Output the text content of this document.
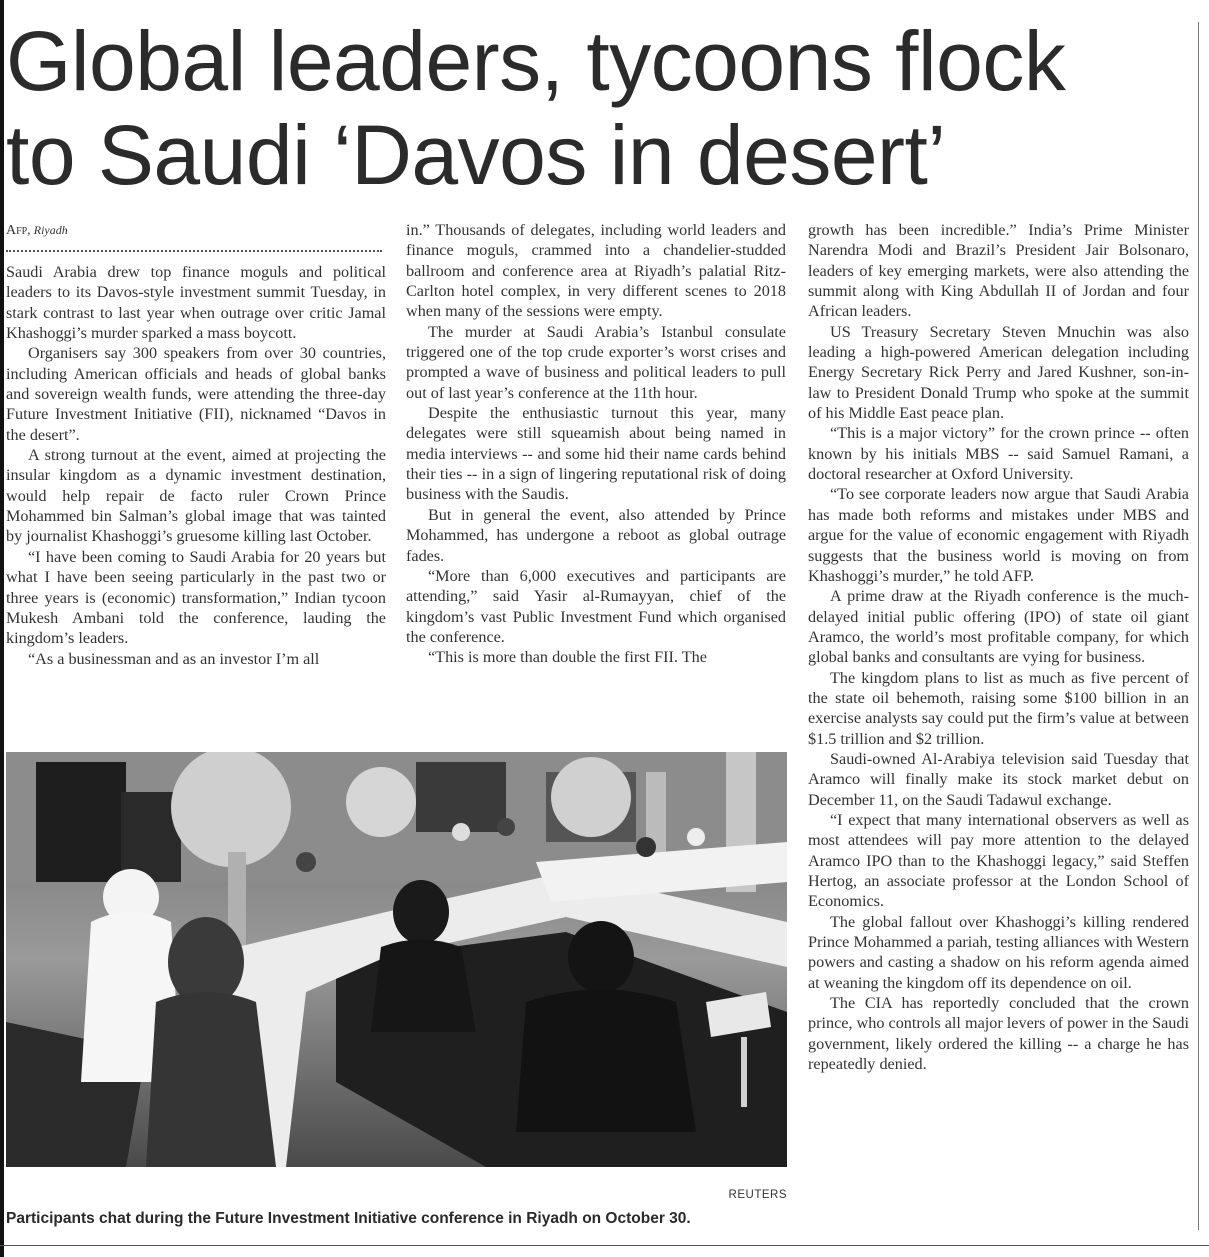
Global leaders, tycoons flock
to Saudi ‘Davos in desert’
Afp, Riyadh

Saudi Arabia drew top finance moguls and political leaders to its Davos-style investment summit Tuesday, in stark contrast to last year when outrage over critic Jamal Khashoggi’s murder sparked a mass boycott.

Organisers say 300 speakers from over 30 countries, including American officials and heads of global banks and sovereign wealth funds, were attending the three-day Future Investment Initiative (FII), nicknamed “Davos in the desert”.

A strong turnout at the event, aimed at projecting the insular kingdom as a dynamic investment destination, would help repair de facto ruler Crown Prince Mohammed bin Salman’s global image that was tainted by journalist Khashoggi’s gruesome killing last October.

“I have been coming to Saudi Arabia for 20 years but what I have been seeing particularly in the past two or three years is (economic) transformation,” Indian tycoon Mukesh Ambani told the conference, lauding the kingdom’s leaders.

“As a businessman and as an investor I’m all

in.” Thousands of delegates, including world leaders and finance moguls, crammed into a chandelier-studded ballroom and conference area at Riyadh’s palatial Ritz-Carlton hotel complex, in very different scenes to 2018 when many of the sessions were empty.

The murder at Saudi Arabia’s Istanbul consulate triggered one of the top crude exporter’s worst crises and prompted a wave of business and political leaders to pull out of last year’s conference at the 11th hour.

Despite the enthusiastic turnout this year, many delegates were still squeamish about being named in media interviews -- and some hid their name cards behind their ties -- in a sign of lingering reputational risk of doing business with the Saudis.

But in general the event, also attended by Prince Mohammed, has undergone a reboot as global outrage fades.

“More than 6,000 executives and participants are attending,” said Yasir al-Rumayyan, chief of the kingdom’s vast Public Investment Fund which organised the conference.

“This is more than double the first FII. The

growth has been incredible.” India’s Prime Minister Narendra Modi and Brazil’s President Jair Bolsonaro, leaders of key emerging markets, were also attending the summit along with King Abdullah II of Jordan and four African leaders.

US Treasury Secretary Steven Mnuchin was also leading a high-powered American delegation including Energy Secretary Rick Perry and Jared Kushner, son-in-law to President Donald Trump who spoke at the summit of his Middle East peace plan.

“This is a major victory” for the crown prince -- often known by his initials MBS -- said Samuel Ramani, a doctoral researcher at Oxford University.

“To see corporate leaders now argue that Saudi Arabia has made both reforms and mistakes under MBS and argue for the value of economic engagement with Riyadh suggests that the business world is moving on from Khashoggi’s murder,” he told AFP.

A prime draw at the Riyadh conference is the much-delayed initial public offering (IPO) of state oil giant Aramco, the world’s most profitable company, for which global banks and consultants are vying for business.

The kingdom plans to list as much as five percent of the state oil behemoth, raising some $100 billion in an exercise analysts say could put the firm’s value at between $1.5 trillion and $2 trillion.

Saudi-owned Al-Arabiya television said Tuesday that Aramco will finally make its stock market debut on December 11, on the Saudi Tadawul exchange.

“I expect that many international observers as well as most attendees will pay more attention to the delayed Aramco IPO than to the Khashoggi legacy,” said Steffen Hertog, an associate professor at the London School of Economics.

The global fallout over Khashoggi’s killing rendered Prince Mohammed a pariah, testing alliances with Western powers and casting a shadow on his reform agenda aimed at weaning the kingdom off its dependence on oil.

The CIA has reportedly concluded that the crown prince, who controls all major levers of power in the Saudi government, likely ordered the killing -- a charge he has repeatedly denied.

REUTERS
Participants chat during the Future Investment Initiative conference in Riyadh on October 30.
